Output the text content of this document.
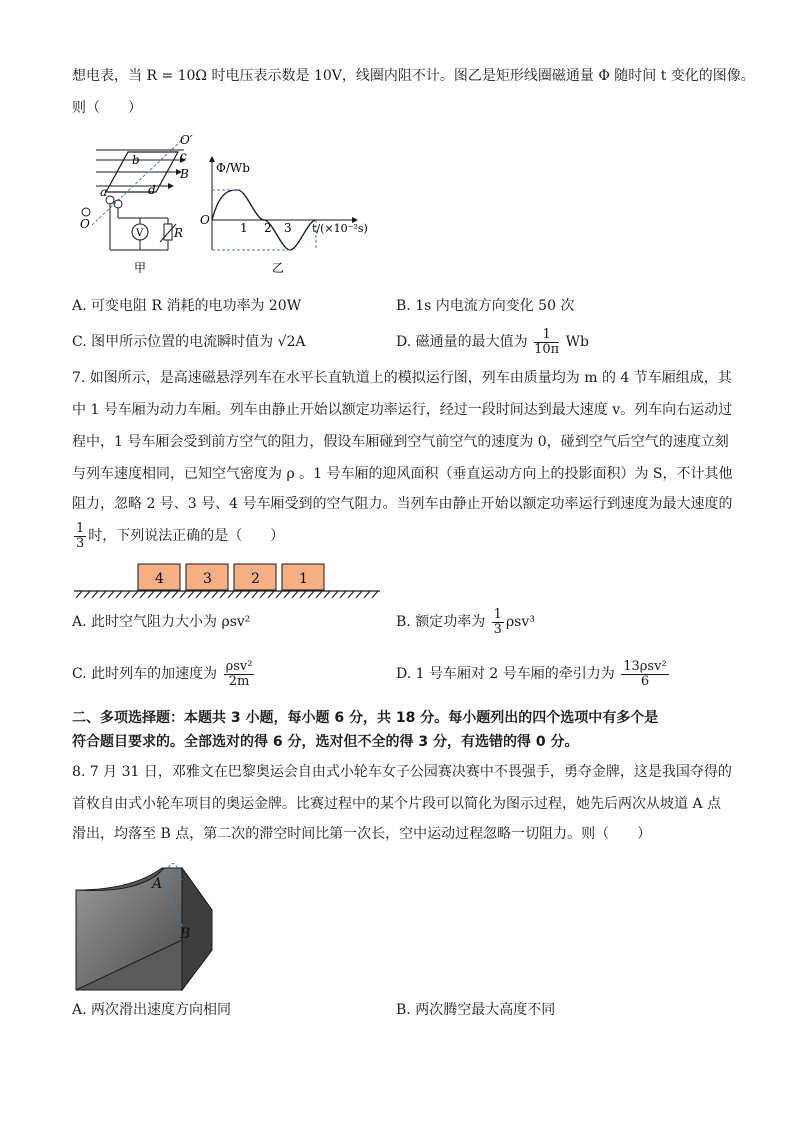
想电表，当 R = 10Ω 时电压表示数是 10V，线圈内阻不计。图乙是矩形线圈磁通量 Φ 随时间 t 变化的图像。
则（　　）
O′
b	c
B
a	d
O
V	R
甲
Φ/Wb
O
1 2 3 t/(×10⁻²s)
乙
A. 可变电阻 R 消耗的电功率为 20W	B. 1s 内电流方向变化 50 次
C. 图甲所示位置的电流瞬时值为 √2A	D. 磁通量的最大值为 $\frac{1}{10\pi}$ Wb
7. 如图所示，是高速磁悬浮列车在水平长直轨道上的模拟运行图，列车由质量均为 m 的 4 节车厢组成，其
中 1 号车厢为动力车厢。列车由静止开始以额定功率运行，经过一段时间达到最大速度 v。列车向右运动过
程中，1 号车厢会受到前方空气的阻力，假设车厢碰到空气前空气的速度为 0，碰到空气后空气的速度立刻
与列车速度相同，已知空气密度为 ρ 。1 号车厢的迎风面积（垂直运动方向上的投影面积）为 S，不计其他
阻力，忽略 2 号、3 号、4 号车厢受到的空气阻力。当列车由静止开始以额定功率运行到速度为最大速度的
$\frac{1}{3}$ 时，下列说法正确的是（　　）
4	3	2	1
A. 此时空气阻力大小为 ρsv²	B. 额定功率为 $\frac{1}{3} \rho sv^3$
C. 此时列车的加速度为 $\frac{\text{ρsv²}}{2m}$	D. 1 号车厢对 2 号车厢的牵引力为 $\frac{\text{13ρsv²}}{6}$
二、多项选择题：本题共 3 小题，每小题 6 分，共 18 分。每小题列出的四个选项中有多个是
符合题目要求的。全部选对的得 6 分，选对但不全的得 3 分，有选错的得 0 分。
8. 7 月 31 日，邓雅文在巴黎奥运会自由式小轮车女子公园赛决赛中不畏强手，勇夺金牌，这是我国夺得的
首枚自由式小轮车项目的奥运金牌。比赛过程中的某个片段可以简化为图示过程，她先后两次从坡道 A 点
滑出，均落至 B 点，第二次的滞空时间比第一次长，空中运动过程忽略一切阻力。则（　　）
A
B
A. 两次滑出速度方向相同	B. 两次腾空最大高度不同
